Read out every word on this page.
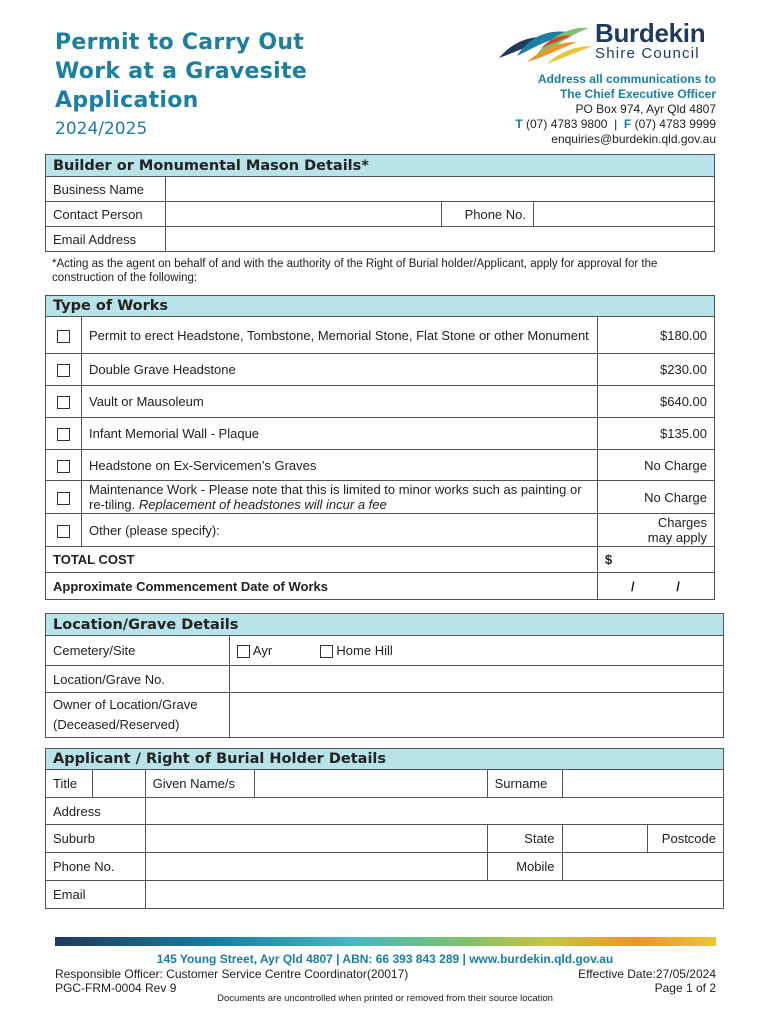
Permit to Carry Out
Work at a Gravesite
Application
2024/2025
Burdekin
Shire Council
Address all communications to
The Chief Executive Officer
PO Box 974, Ayr Qld 4807
T (07) 4783 9800  |  F (07) 4783 9999
enquiries@burdekin.qld.gov.au
Builder or Monumental Mason Details*			
Business Name			
Contact Person		Phone No.	
Email Address			
*Acting as the agent on behalf of and with the authority of the Right of Burial holder/Applicant, apply for approval for the construction of the following:
Type of Works		
	Permit to erect Headstone, Tombstone, Memorial Stone, Flat Stone or other Monument	$180.00
	Double Grave Headstone	$230.00
	Vault or Mausoleum	$640.00
	Infant Memorial Wall - Plaque	$135.00
	Headstone on Ex-Servicemen’s Graves	No Charge
	Maintenance Work - Please note that this is limited to minor works such as painting or re-tiling. Replacement of headstones will incur a fee	No Charge
	Other (please specify):	Charges may apply
TOTAL COST		$
Approximate Commencement Date of Works		/ /
Location/Grave Details	
Cemetery/Site	Ayr Home Hill
Location/Grave No.	

Owner of Location/Grave
(Deceased/Reserved)	

Applicant / Right of Burial Holder Details						
Title		Given Name/s		Surname		
Address						
Suburb				State		Postcode
Phone No.				Mobile		
Email						
145 Young Street, Ayr Qld 4807 | ABN: 66 393 843 289 | www.burdekin.qld.gov.au
Responsible Officer: Customer Service Centre Coordinator(20017)	Effective Date:27/05/2024
PGC-FRM-0004 Rev 9	Page 1 of 2
Documents are uncontrolled when printed or removed from their source location
